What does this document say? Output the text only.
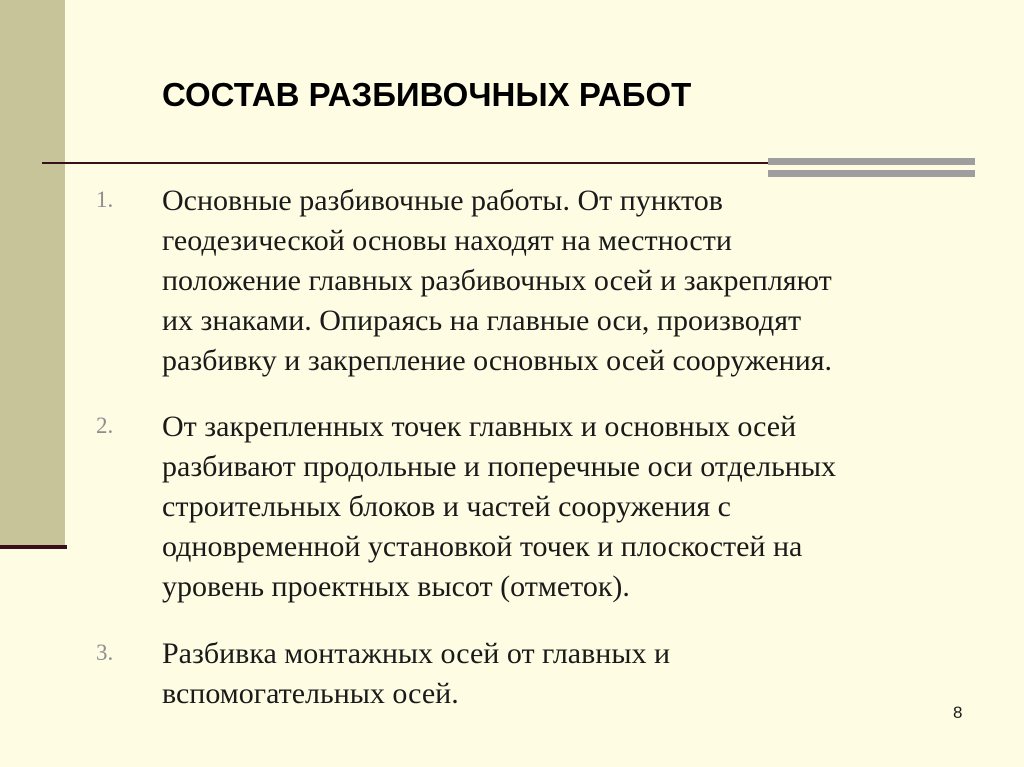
СОСТАВ РАЗБИВОЧНЫХ РАБОТ
1. Основные разбивочные работы. От пунктов
геодезической основы находят на местности
положение главных разбивочных осей и закрепляют
их знаками. Опираясь на главные оси, производят
разбивку и закрепление основных осей сооружения.
2. От закрепленных точек главных и основных осей
разбивают продольные и поперечные оси отдельных
строительных блоков и частей сооружения с
одновременной установкой точек и плоскостей на
уровень проектных высот (отметок).
3. Разбивка монтажных осей от главных и
вспомогательных осей.
8
